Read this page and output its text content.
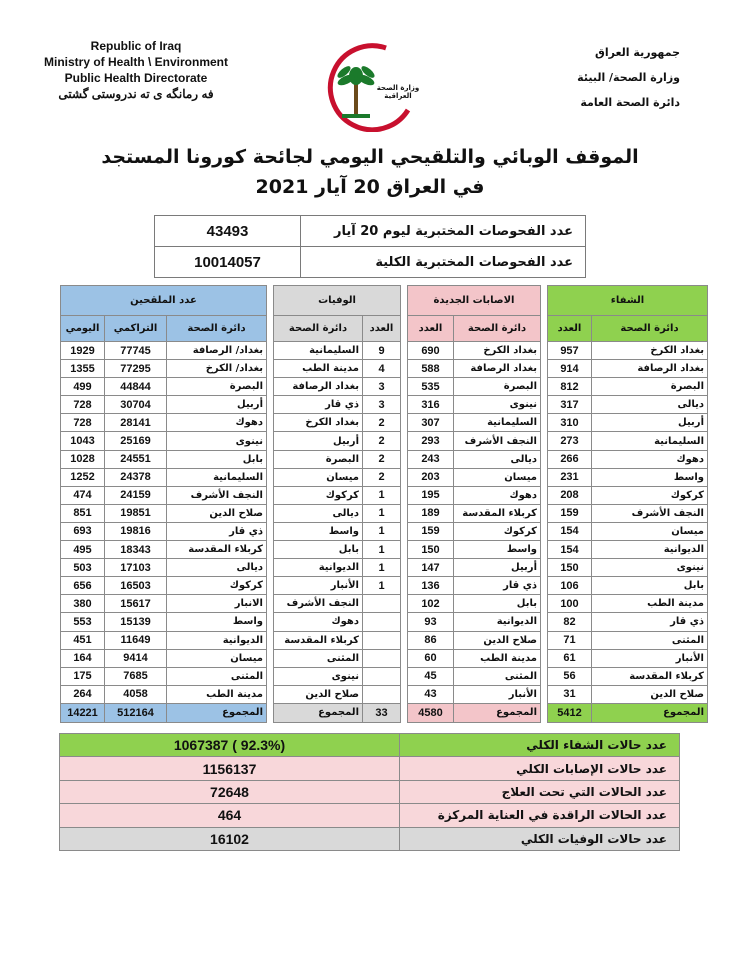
Republic of Iraq
Ministry of Health \ Environment
Public Health Directorate
فه رمانگه ى ته ندروستى گشتى
جمهورية العراق
وزارة الصحة/ البيئة
دائرة الصحة العامة
وزارة الصحة العراقية
الموقف الوبائي والتلقيحي اليومي لجائحة كورونا المستجد
في العراق 20 آيار 2021
43493	عدد الفحوصات المختبرية ليوم 20 آيار
10014057	عدد الفحوصات المختبرية الكلية
الشفاء	
العدد	دائرة الصحة
957	بغداد الكرخ
914	بغداد الرصافة
812	البصرة
317	ديالى
310	أربيل
273	السليمانية
266	دهوك
231	واسط
208	كركوك
159	النجف الأشرف
154	ميسان
154	الديوانية
150	نينوى
106	بابل
100	مدينة الطب
82	ذي قار
71	المثنى
61	الأنبار
56	كربلاء المقدسة
31	صلاح الدين
5412	المجموع
الاصابات الجديدة	
العدد	دائرة الصحة
690	بغداد الكرخ
588	بغداد الرصافة
535	البصرة
316	نينوى
307	السليمانية
293	النجف الأشرف
243	ديالى
203	ميسان
195	دهوك
189	كربلاء المقدسة
159	كركوك
150	واسط
147	أربيل
136	ذي قار
102	بابل
93	الديوانية
86	صلاح الدين
60	مدينة الطب
45	المثنى
43	الأنبار
4580	المجموع
الوفيات	
دائرة الصحة	العدد
السليمانية	9
مدينة الطب	4
بغداد الرصافة	3
ذي قار	3
بغداد الكرخ	2
أربيل	2
البصرة	2
ميسان	2
كركوك	1
ديالى	1
واسط	1
بابل	1
الديوانية	1
الأنبار	1
النجف الأشرف	
دهوك	
كربلاء المقدسة	
المثنى	
نينوى	
صلاح الدين	
المجموع	33
عدد الملقحين		
اليومي	التراكمي	دائرة الصحة
1929	77745	بغداد/ الرصافة
1355	77295	بغداد/ الكرخ
499	44844	البصرة
728	30704	أربيل
728	28141	دهوك
1043	25169	نينوى
1028	24551	بابل
1252	24378	السليمانية
474	24159	النجف الأشرف
851	19851	صلاح الدين
693	19816	ذي قار
495	18343	كربلاء المقدسة
503	17103	ديالى
656	16503	كركوك
380	15617	الانبار
553	15139	واسط
451	11649	الديوانية
164	9414	ميسان
175	7685	المثنى
264	4058	مدينة الطب
14221	512164	المجموع
1067387 ( 92.3%)	عدد حالات الشفاء الكلي
1156137	عدد حالات الإصابات الكلي
72648	عدد الحالات التي تحت العلاج
464	عدد الحالات الراقدة في العناية المركزة
16102	عدد حالات الوفيات الكلي
